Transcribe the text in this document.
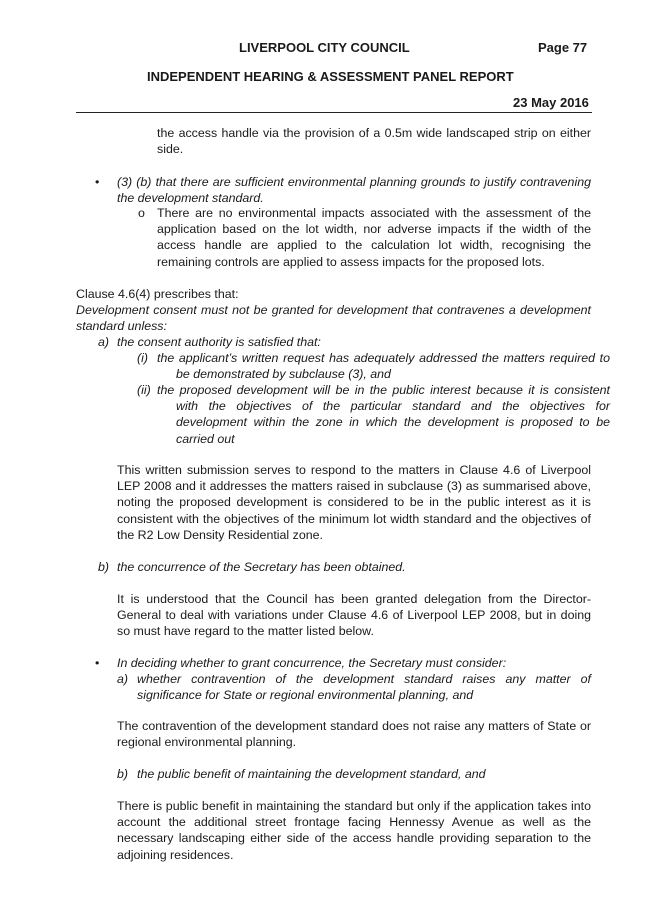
LIVERPOOL CITY COUNCIL	Page 77
INDEPENDENT HEARING & ASSESSMENT PANEL REPORT
23 May 2016

the access handle via the provision of a 0.5m wide landscaped strip on either side.

• (3) (b) that there are sufficient environmental planning grounds to justify contravening the development standard.

o There are no environmental impacts associated with the assessment of the application based on the lot width, nor adverse impacts if the width of the access handle are applied to the calculation lot width, recognising the remaining controls are applied to assess impacts for the proposed lots.

Clause 4.6(4) prescribes that:

Development consent must not be granted for development that contravenes a development standard unless:

a) the consent authority is satisfied that:

(i) the applicant’s written request has adequately addressed the matters required to be demonstrated by subclause (3), and

(ii) the proposed development will be in the public interest because it is consistent with the objectives of the particular standard and the objectives for development within the zone in which the development is proposed to be carried out

This written submission serves to respond to the matters in Clause 4.6 of Liverpool LEP 2008 and it addresses the matters raised in subclause (3) as summarised above, noting the proposed development is considered to be in the public interest as it is consistent with the objectives of the minimum lot width standard and the objectives of the R2 Low Density Residential zone.

b) the concurrence of the Secretary has been obtained.

It is understood that the Council has been granted delegation from the Director-General to deal with variations under Clause 4.6 of Liverpool LEP 2008, but in doing so must have regard to the matter listed below.

• In deciding whether to grant concurrence, the Secretary must consider:

a) whether contravention of the development standard raises any matter of significance for State or regional environmental planning, and

The contravention of the development standard does not raise any matters of State or regional environmental planning.

b) the public benefit of maintaining the development standard, and

There is public benefit in maintaining the standard but only if the application takes into account the additional street frontage facing Hennessy Avenue as well as the necessary landscaping either side of the access handle providing separation to the adjoining residences.
